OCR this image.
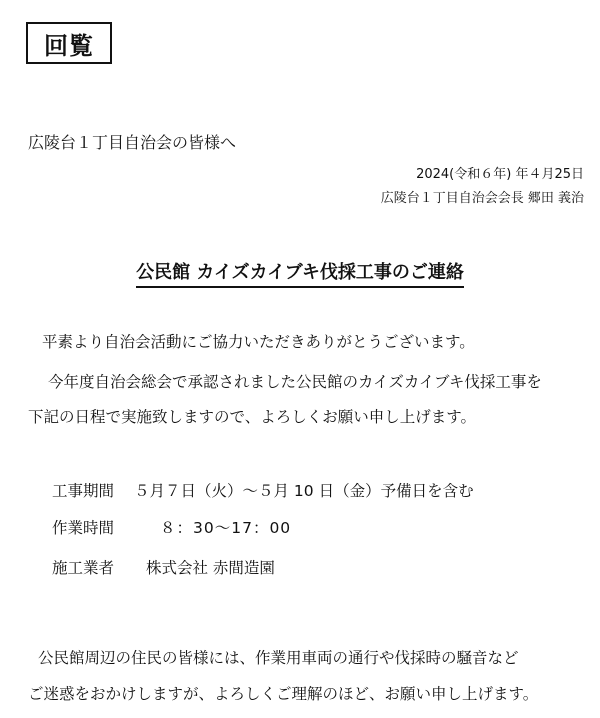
回覧
広陵台１丁目自治会の皆様へ
2024(令和６年) 年４月25日
広陵台１丁目自治会会長 郷田 義治
公民館 カイズカイブキ伐採工事のご連絡
平素より自治会活動にご協力いただきありがとうございます。
今年度自治会総会で承認されました公民館のカイズカイブキ伐採工事を
下記の日程で実施致しますので、よろしくお願い申し上げます。
工事期間 ５月７日（火）～５月 10 日（金）予備日を含む
作業時間	８：30～17：00
施工業者 株式会社 赤間造園
公民館周辺の住民の皆様には、作業用車両の通行や伐採時の騒音など
ご迷惑をおかけしますが、よろしくご理解のほど、お願い申し上げます。
